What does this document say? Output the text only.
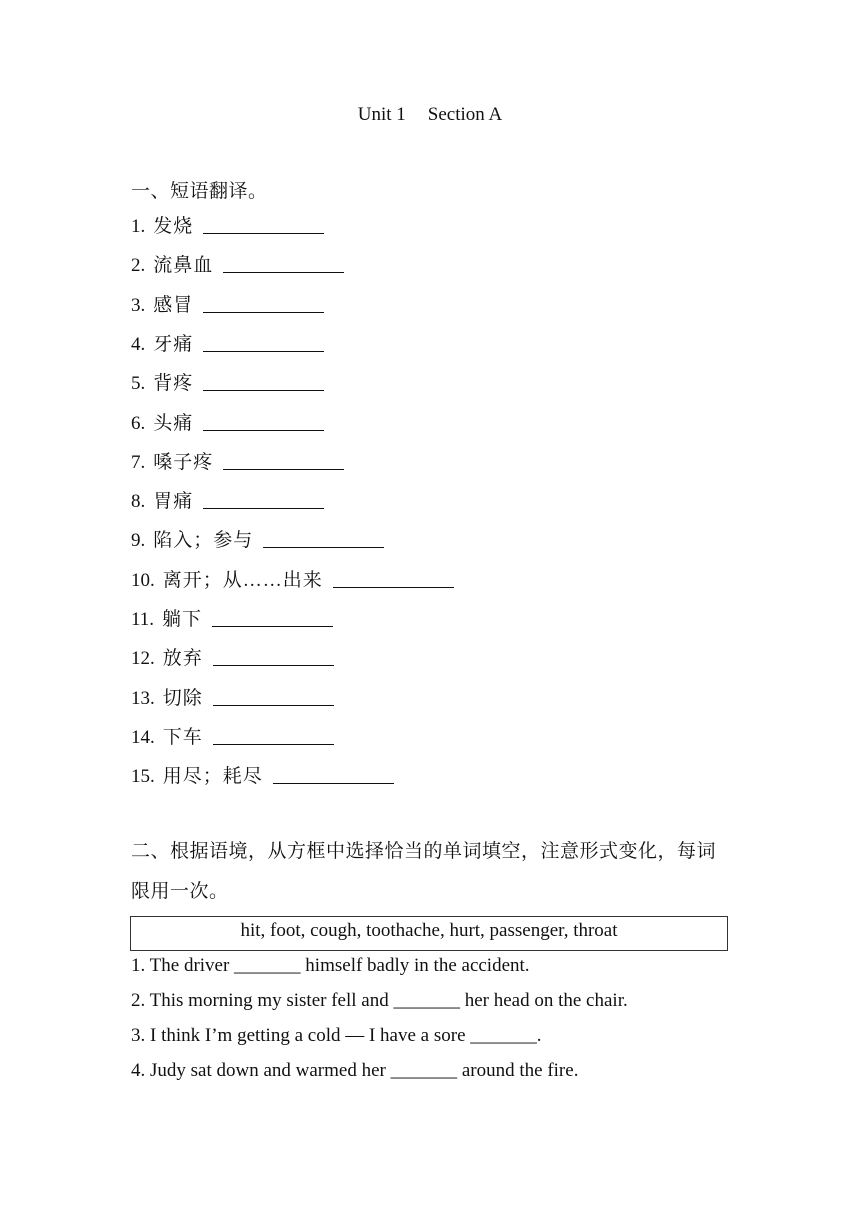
Unit 1 Section A
一、短语翻译。
1. 发烧
2. 流鼻血
3. 感冒
4. 牙痛
5. 背疼
6. 头痛
7. 嗓子疼
8. 胃痛
9. 陷入；参与
10. 离开；从……出来
11. 躺下
12. 放弃
13. 切除
14. 下车
15. 用尽；耗尽
二、根据语境，从方框中选择恰当的单词填空，注意形式变化，每词限用一次。
hit, foot, cough, toothache, hurt, passenger, throat
1. The driver _______ himself badly in the accident.
2. This morning my sister fell and _______ her head on the chair.
3. I think I’m getting a cold — I have a sore _______.
4. Judy sat down and warmed her _______ around the fire.
